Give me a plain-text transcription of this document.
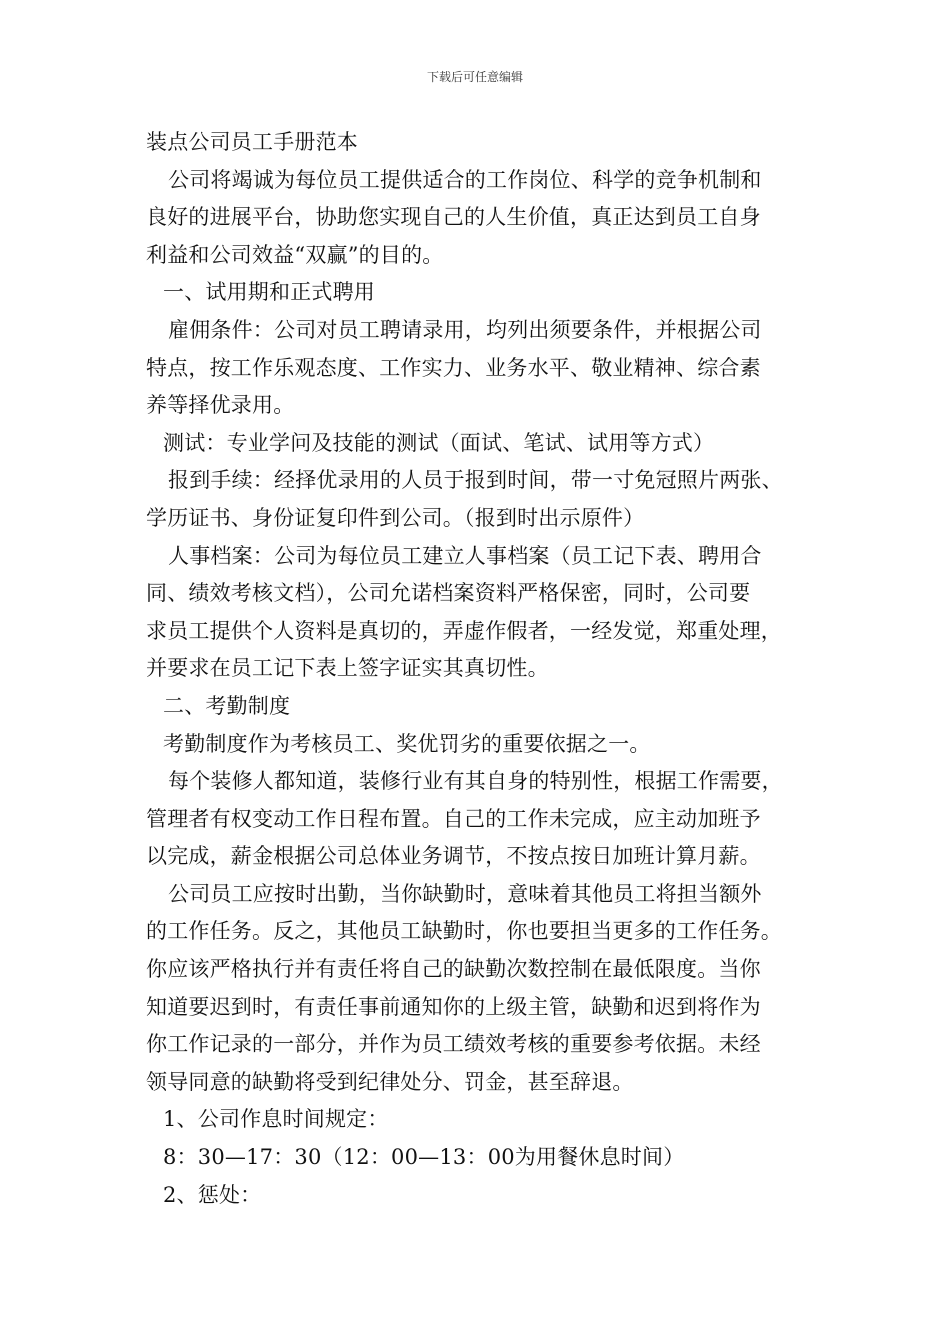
下载后可任意编辑
装点公司员工手册范本
公司将竭诚为每位员工提供适合的工作岗位、科学的竞争机制和
良好的进展平台，协助您实现自己的人生价值，真正达到员工自身
利益和公司效益“双赢”的目的。
一、试用期和正式聘用
雇佣条件：公司对员工聘请录用，均列出须要条件，并根据公司
特点，按工作乐观态度、工作实力、业务水平、敬业精神、综合素
养等择优录用。
测试：专业学问及技能的测试（面试、笔试、试用等方式）
报到手续：经择优录用的人员于报到时间，带一寸免冠照片两张、
学历证书、身份证复印件到公司。（报到时出示原件）
人事档案：公司为每位员工建立人事档案（员工记下表、聘用合
同、绩效考核文档），公司允诺档案资料严格保密，同时，公司要
求员工提供个人资料是真切的，弄虚作假者，一经发觉，郑重处理，
并要求在员工记下表上签字证实其真切性。
二、考勤制度
考勤制度作为考核员工、奖优罚劣的重要依据之一。
每个装修人都知道，装修行业有其自身的特别性，根据工作需要，
管理者有权变动工作日程布置。自己的工作未完成，应主动加班予
以完成，薪金根据公司总体业务调节，不按点按日加班计算月薪。
公司员工应按时出勤，当你缺勤时，意味着其他员工将担当额外
的工作任务。反之，其他员工缺勤时，你也要担当更多的工作任务。
你应该严格执行并有责任将自己的缺勤次数控制在最低限度。当你
知道要迟到时，有责任事前通知你的上级主管，缺勤和迟到将作为
你工作记录的一部分，并作为员工绩效考核的重要参考依据。未经
领导同意的缺勤将受到纪律处分、罚金，甚至辞退。
1、公司作息时间规定：
8：30—17：30（12：00—13：00为用餐休息时间）
2、惩处：
